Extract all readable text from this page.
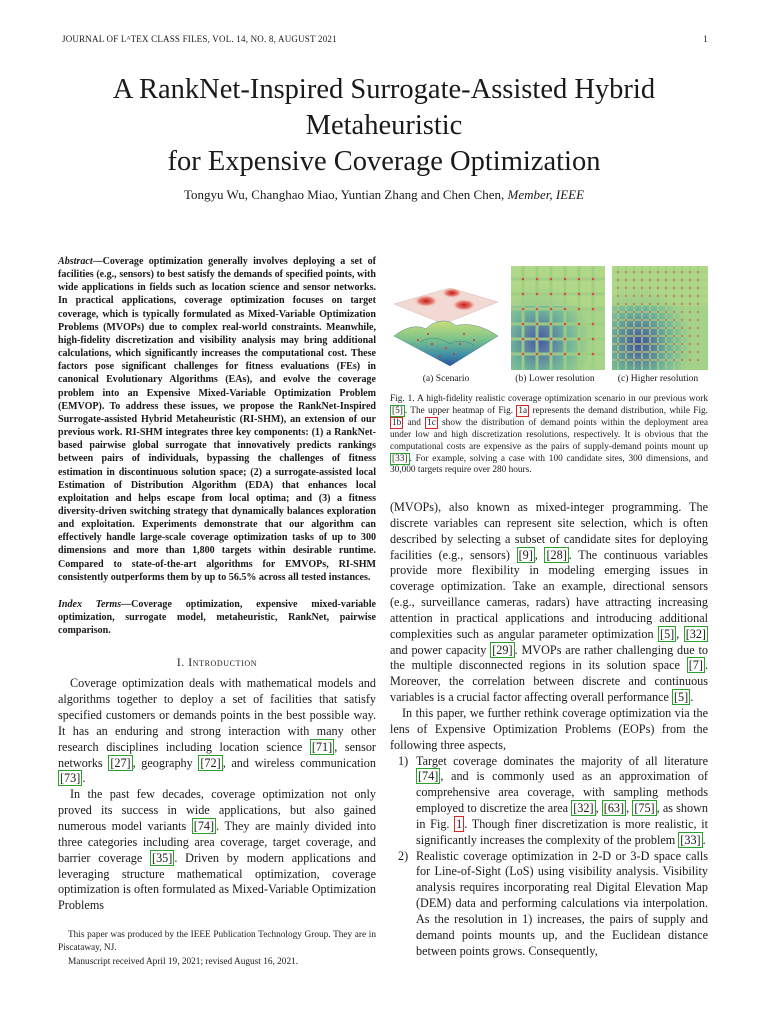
JOURNAL OF LᴬTEX CLASS FILES, VOL. 14, NO. 8, AUGUST 2021	1
A RankNet-Inspired Surrogate-Assisted Hybrid
Metaheuristic
for Expensive Coverage Optimization
Tongyu Wu, Changhao Miao, Yuntian Zhang and Chen Chen, Member, IEEE
Abstract—Coverage optimization generally involves deploying a set of facilities (e.g., sensors) to best satisfy the demands of specified points, with wide applications in fields such as location science and sensor networks. In practical applications, coverage optimization focuses on target coverage, which is typically formulated as Mixed-Variable Optimization Problems (MVOPs) due to complex real-world constraints. Meanwhile, high-fidelity discretization and visibility analysis may bring additional calculations, which significantly increases the computational cost. These factors pose significant challenges for fitness evaluations (FEs) in canonical Evolutionary Algorithms (EAs), and evolve the coverage problem into an Expensive Mixed-Variable Optimization Problem (EMVOP). To address these issues, we propose the RankNet-Inspired Surrogate-assisted Hybrid Metaheuristic (RI-SHM), an extension of our previous work. RI-SHM integrates three key components: (1) a RankNet-based pairwise global surrogate that innovatively predicts rankings between pairs of individuals, bypassing the challenges of fitness estimation in discontinuous solution space; (2) a surrogate-assisted local Estimation of Distribution Algorithm (EDA) that enhances local exploitation and helps escape from local optima; and (3) a fitness diversity-driven switching strategy that dynamically balances exploration and exploitation. Experiments demonstrate that our algorithm can effectively handle large-scale coverage optimization tasks of up to 300 dimensions and more than 1,800 targets within desirable runtime. Compared to state-of-the-art algorithms for EMVOPs, RI-SHM consistently outperforms them by up to 56.5% across all tested instances.
Index Terms—Coverage optimization, expensive mixed-variable optimization, surrogate model, metaheuristic, RankNet, pairwise comparison.
I. Introduction

Coverage optimization deals with mathematical models and algorithms together to deploy a set of facilities that satisfy specified customers or demands points in the best possible way. It has an enduring and strong interaction with many other research disciplines including location science [71] , sensor networks [27] , geography [72] , and wireless communication [73] .

In the past few decades, coverage optimization not only proved its success in wide applications, but also gained numerous model variants [74] . They are mainly divided into three categories including area coverage, target coverage, and barrier coverage [35] . Driven by modern applications and leveraging structure mathematical optimization, coverage optimization is often formulated as Mixed-Variable Optimization Problems

This paper was produced by the IEEE Publication Technology Group. They are in Piscataway, NJ.

Manuscript received April 19, 2021; revised August 16, 2021.

(a) Scenario	(b) Lower resolution	(c) Higher resolution
Fig. 1. A high-fidelity realistic coverage optimization scenario in our previous work [5] . The upper heatmap of Fig. 1a represents the demand distribution, while Fig. 1b and 1c show the distribution of demand points within the deployment area under low and high discretization resolutions, respectively. It is obvious that the computational costs are expensive as the pairs of supply-demand points mount up [33] . For example, solving a case with 100 candidate sites, 300 dimensions, and 30,000 targets require over 280 hours.

(MVOPs), also known as mixed-integer programming. The discrete variables can represent site selection, which is often described by selecting a subset of candidate sites for deploying facilities (e.g., sensors) [9] , [28] . The continuous variables provide more flexibility in modeling emerging issues in coverage optimization. Take an example, directional sensors (e.g., surveillance cameras, radars) have attracting increasing attention in practical applications and introducing additional complexities such as angular parameter optimization [5] , [32] and power capacity [29] . MVOPs are rather challenging due to the multiple disconnected regions in its solution space [7] . Moreover, the correlation between discrete and continuous variables is a crucial factor affecting overall performance [5] .

In this paper, we further rethink coverage optimization via the lens of Expensive Optimization Problems (EOPs) from the following three aspects,

1) Target coverage dominates the majority of all literature [74] , and is commonly used as an approximation of comprehensive area coverage, with sampling methods employed to discretize the area [32] , [63] , [75] , as shown in Fig. 1 . Though finer discretization is more realistic, it significantly increases the complexity of the problem [33] .
2) Realistic coverage optimization in 2-D or 3-D space calls for Line-of-Sight (LoS) using visibility analysis. Visibility analysis requires incorporating real Digital Elevation Map (DEM) data and performing calculations via interpolation. As the resolution in 1) increases, the pairs of supply and demand points mounts up, and the Euclidean distance between points grows. Consequently,
